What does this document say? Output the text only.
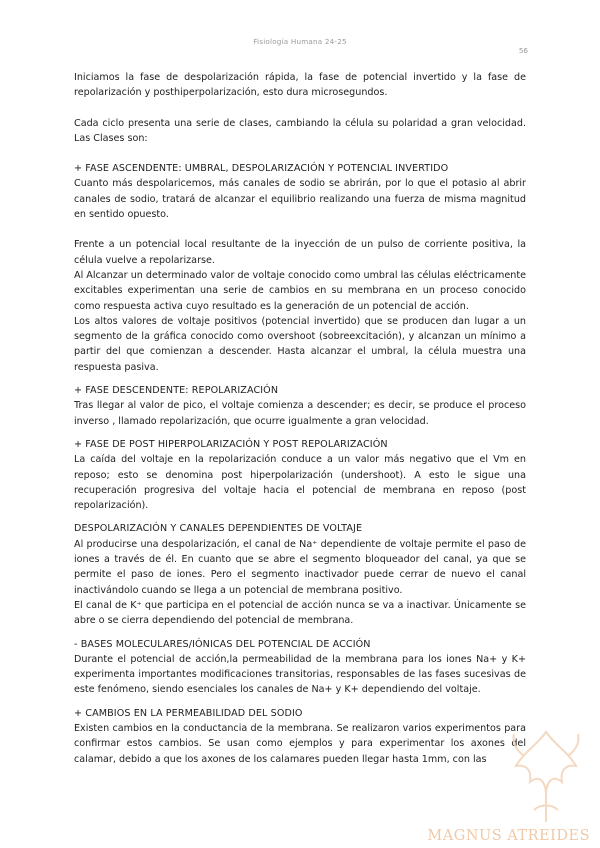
Fisiología Humana 24-25
56

Iniciamos la fase de despolarización rápida, la fase de potencial invertido y la fase de repolarización y posthiperpolarización, esto dura microsegundos.

Cada ciclo presenta una serie de clases, cambiando la célula su polaridad a gran velocidad. Las Clases son:

+ FASE ASCENDENTE: UMBRAL, DESPOLARIZACIÓN Y POTENCIAL INVERTIDO

Cuanto más despolaricemos, más canales de sodio se abrirán, por lo que el potasio al abrir canales de sodio, tratará de alcanzar el equilibrio realizando una fuerza de misma magnitud en sentido opuesto.

Frente a un potencial local resultante de la inyección de un pulso de corriente positiva, la célula vuelve a repolarizarse.

Al Alcanzar un determinado valor de voltaje conocido como umbral las células eléctricamente excitables experimentan una serie de cambios en su membrana en un proceso conocido como respuesta activa cuyo resultado es la generación de un potencial de acción.

Los altos valores de voltaje positivos (potencial invertido) que se producen dan lugar a un segmento de la gráfica conocido como overshoot (sobreexcitación), y alcanzan un mínimo a partir del que comienzan a descender. Hasta alcanzar el umbral, la célula muestra una respuesta pasiva.

+ FASE DESCENDENTE: REPOLARIZACIÓN

Tras llegar al valor de pico, el voltaje comienza a descender; es decir, se produce el proceso inverso , llamado repolarización, que ocurre igualmente a gran velocidad.

+ FASE DE POST HIPERPOLARIZACIÓN Y POST REPOLARIZACIÓN

La caída del voltaje en la repolarización conduce a un valor más negativo que el Vm en reposo; esto se denomina post hiperpolarización (undershoot). A esto le sigue una recuperación progresiva del voltaje hacia el potencial de membrana en reposo (post repolarización).

DESPOLARIZACIÓN Y CANALES DEPENDIENTES DE VOLTAJE

Al producirse una despolarización, el canal de Na⁺ dependiente de voltaje permite el paso de iones a través de él. En cuanto que se abre el segmento bloqueador del canal, ya que se permite el paso de iones. Pero el segmento inactivador puede cerrar de nuevo el canal inactivándolo cuando se llega a un potencial de membrana positivo.

El canal de K⁺ que participa en el potencial de acción nunca se va a inactivar. Únicamente se abre o se cierra dependiendo del potencial de membrana.

- BASES MOLECULARES/IÓNICAS DEL POTENCIAL DE ACCIÓN

Durante el potencial de acción,la permeabilidad de la membrana para los iones Na+ y K+ experimenta importantes modificaciones transitorias, responsables de las fases sucesivas de este fenómeno, siendo esenciales los canales de Na+ y K+ dependiendo del voltaje.

+ CAMBIOS EN LA PERMEABILIDAD DEL SODIO

Existen cambios en la conductancia de la membrana. Se realizaron varios experimentos para confirmar estos cambios. Se usan como ejemplos y para experimentar los axones del calamar, debido a que los axones de los calamares pueden llegar hasta 1mm, con las

MAGNUS ATREIDES
